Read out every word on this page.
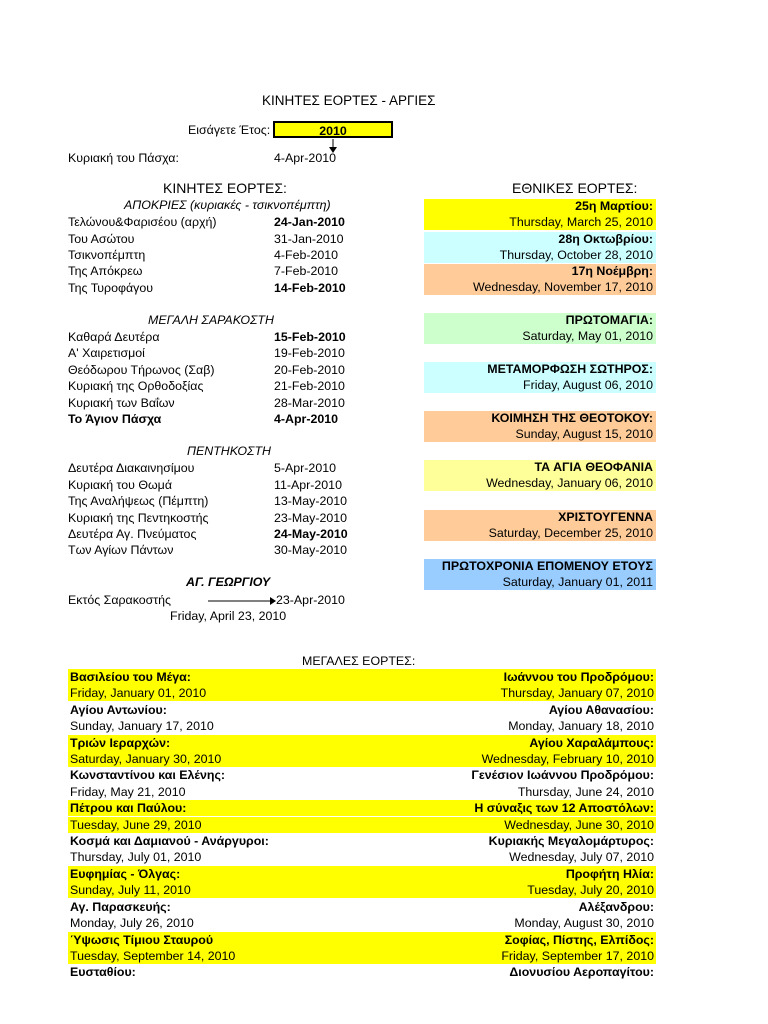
ΚΙΝΗΤΕΣ ΕΟΡΤΕΣ - ΑΡΓΙΕΣ
Εισάγετε Έτος:	2010
Κυριακή του Πάσχα:	4-Apr-2010
ΚΙΝΗΤΕΣ ΕΟΡΤΕΣ:
ΑΠΟΚΡΙΕΣ (κυριακές - τσικνοπέμπτη)
Τελώνου&Φαρισέου (αρχή)	24-Jan-2010
Του Ασώτου	31-Jan-2010
Τσικνοπέμπτη	4-Feb-2010
Της Απόκρεω	7-Feb-2010
Της Τυροφάγου	14-Feb-2010
ΜΕΓΑΛΗ ΣΑΡΑΚΟΣΤΗ
Καθαρά Δευτέρα	15-Feb-2010
Α' Χαιρετισμοί	19-Feb-2010
Θεόδωρου Τήρωνος (Σαβ)	20-Feb-2010
Κυριακή της Ορθοδοξίας	21-Feb-2010
Κυριακή των Βαΐων	28-Mar-2010
Το Άγιον Πάσχα	4-Apr-2010
ΠΕΝΤΗΚΟΣΤΗ
Δευτέρα Διακαινησίμου	5-Apr-2010
Κυριακή του Θωμά	11-Apr-2010
Της Αναλήψεως (Πέμπτη)	13-May-2010
Κυριακή της Πεντηκοστής	23-May-2010
Δευτέρα Αγ. Πνεύματος	24-May-2010
Των Αγίων Πάντων	30-May-2010
ΑΓ. ΓΕΩΡΓΙΟΥ
Εκτός Σαρακοστής	23-Apr-2010
Friday, April 23, 2010
ΕΘΝΙΚΕΣ ΕΟΡΤΕΣ:
25η Μαρτίου:
Thursday, March 25, 2010
28η Οκτωβρίου:
Thursday, October 28, 2010
17η Νοέμβρη:
Wednesday, November 17, 2010
ΠΡΩΤΟΜΑΓΙΑ:
Saturday, May 01, 2010
ΜΕΤΑΜΟΡΦΩΣΗ ΣΩΤΗΡΟΣ:
Friday, August 06, 2010
ΚΟΙΜΗΣΗ ΤΗΣ ΘΕΟΤΟΚΟΥ:
Sunday, August 15, 2010
ΤΑ ΑΓΙΑ ΘΕΟΦΑΝΙΑ
Wednesday, January 06, 2010
ΧΡΙΣΤΟΥΓΕΝΝΑ
Saturday, December 25, 2010
ΠΡΩΤΟΧΡΟΝΙΑ ΕΠΟΜΕΝΟΥ ΕΤΟΥΣ
Saturday, January 01, 2011
ΜΕΓΑΛΕΣ ΕΟΡΤΕΣ:
Βασιλείου του Μέγα:	Ιωάννου του Προδρόμου:
Friday, January 01, 2010	Thursday, January 07, 2010
Αγίου Αντωνίου:	Αγίου Αθανασίου:
Sunday, January 17, 2010	Monday, January 18, 2010
Τριών Ιεραρχών:	Αγίου Χαραλάμπους:
Saturday, January 30, 2010	Wednesday, February 10, 2010
Κωνσταντίνου και Ελένης:	Γενέσιον Ιωάννου Προδρόμου:
Friday, May 21, 2010	Thursday, June 24, 2010
Πέτρου και Παύλου:	Η σύναξις των 12 Αποστόλων:
Tuesday, June 29, 2010	Wednesday, June 30, 2010
Κοσμά και Δαμιανού - Ανάργυροι:	Κυριακής Μεγαλομάρτυρος:
Thursday, July 01, 2010	Wednesday, July 07, 2010
Ευφημίας - Όλγας:	Προφήτη Ηλία:
Sunday, July 11, 2010	Tuesday, July 20, 2010
Αγ. Παρασκευής:	Αλέξανδρου:
Monday, July 26, 2010	Monday, August 30, 2010
Ύψωσις Τίμιου Σταυρού	Σοφίας, Πίστης, Ελπίδος:
Tuesday, September 14, 2010	Friday, September 17, 2010
Ευσταθίου:	Διονυσίου Αεροπαγίτου:
